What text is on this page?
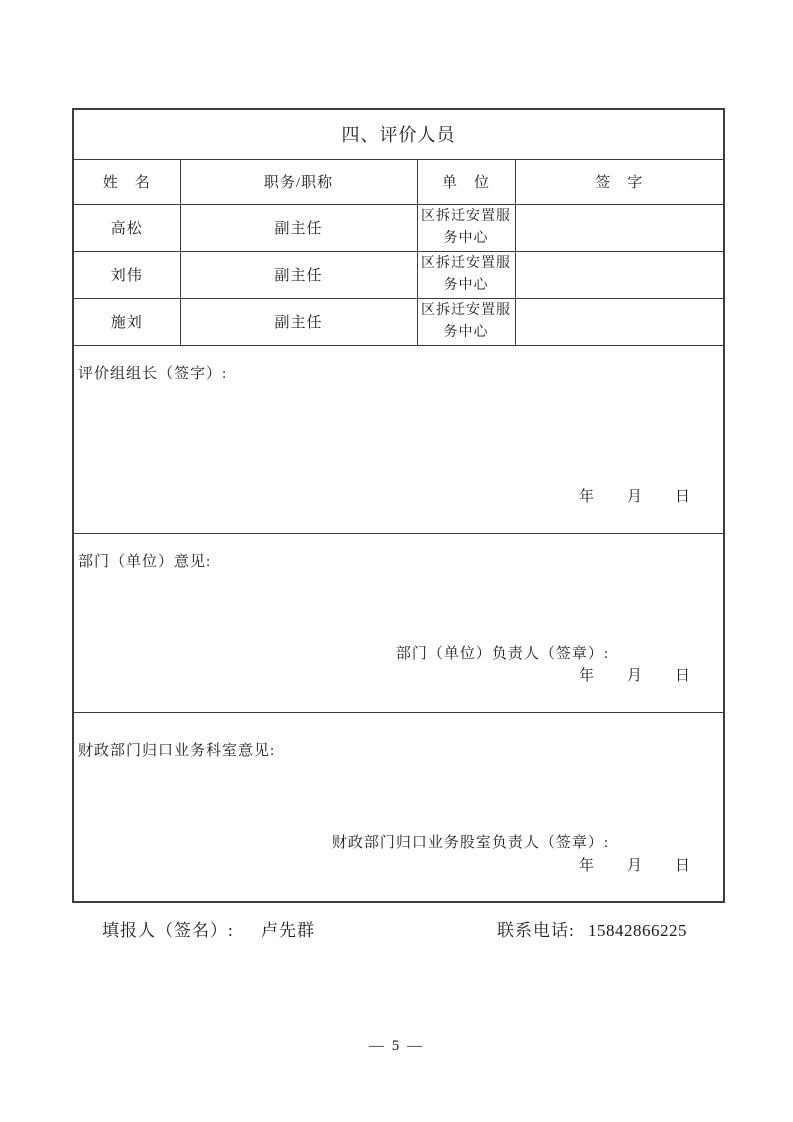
四、评价人员			
姓　名	职务/职称	单　位	签　字
高松	副主任	区拆迁安置服务中心	
刘伟	副主任	区拆迁安置服务中心	
施刘	副主任	区拆迁安置服务中心	

评价组组长（签字）:
年　　月　　日			

部门（单位）意见:
部门（单位）负责人（签章）:
年　　月　　日			

财政部门归口业务科室意见:
财政部门归口业务股室负责人（签章）:
年　　月　　日			
填报人（签名）: 卢先群	联系电话: 15842866225
— 5 —
